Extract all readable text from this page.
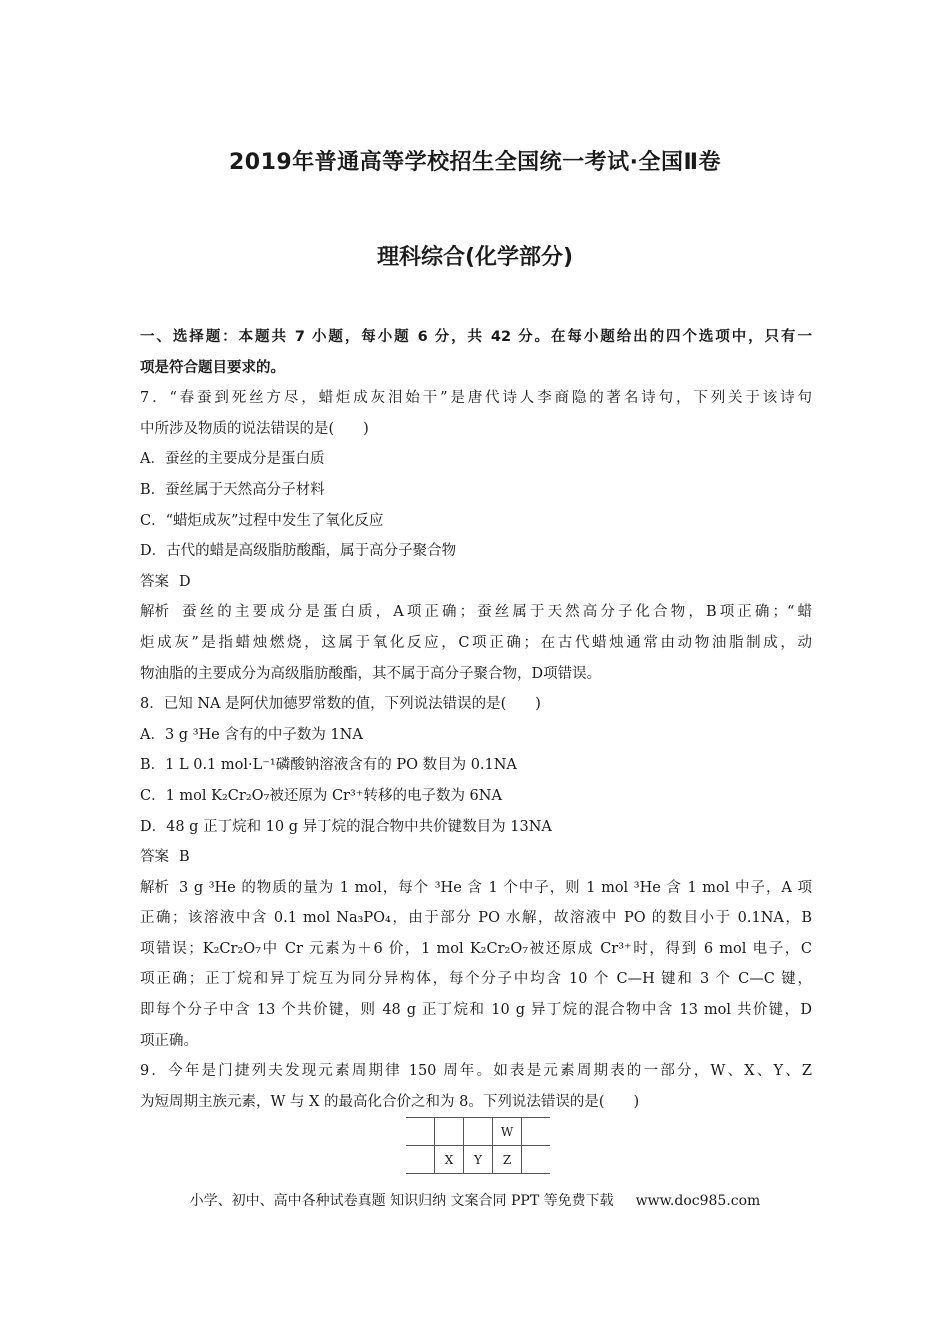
2019年普通高等学校招生全国统一考试·全国Ⅱ卷
理科综合(化学部分)
一、选择题：本题共 7 小题，每小题 6 分，共 42 分。在每小题给出的四个选项中，只有一
项是符合题目要求的。
7．“春蚕到死丝方尽，蜡炬成灰泪始干”是唐代诗人李商隐的著名诗句，下列关于该诗句
中所涉及物质的说法错误的是(　　)
A．蚕丝的主要成分是蛋白质
B．蚕丝属于天然高分子材料
C．“蜡炬成灰”过程中发生了氧化反应
D．古代的蜡是高级脂肪酸酯，属于高分子聚合物
答案 D
解析 蚕丝的主要成分是蛋白质，A项正确；蚕丝属于天然高分子化合物，B项正确；“蜡
炬成灰”是指蜡烛燃烧，这属于氧化反应，C项正确；在古代蜡烛通常由动物油脂制成，动
物油脂的主要成分为高级脂肪酸酯，其不属于高分子聚合物，D项错误。
8．已知 NA 是阿伏加德罗常数的值，下列说法错误的是(　　)
A．3 g ³He 含有的中子数为 1NA
B．1 L 0.1 mol·L⁻¹磷酸钠溶液含有的 PO 数目为 0.1NA
C．1 mol K₂Cr₂O₇被还原为 Cr³⁺转移的电子数为 6NA
D．48 g 正丁烷和 10 g 异丁烷的混合物中共价键数目为 13NA
答案 B
解析 3 g ³He 的物质的量为 1 mol，每个 ³He 含 1 个中子，则 1 mol ³He 含 1 mol 中子，A 项
正确；该溶液中含 0.1 mol Na₃PO₄，由于部分 PO 水解，故溶液中 PO 的数目小于 0.1NA，B
项错误；K₂Cr₂O₇中 Cr 元素为＋6 价，1 mol K₂Cr₂O₇被还原成 Cr³⁺时，得到 6 mol 电子，C
项正确；正丁烷和异丁烷互为同分异构体，每个分子中均含 10 个 C—H 键和 3 个 C—C 键，
即每个分子中含 13 个共价键，则 48 g 正丁烷和 10 g 异丁烷的混合物中含 13 mol 共价键，D
项正确。
9．今年是门捷列夫发现元素周期律 150 周年。如表是元素周期表的一部分，W、X、Y、Z
为短周期主族元素，W 与 X 的最高化合价之和为 8。下列说法错误的是(　　)
			W	
	X	Y	Z	
小学、初中、高中各种试卷真题 知识归纳 文案合同 PPT 等免费下载 www.doc985.com
